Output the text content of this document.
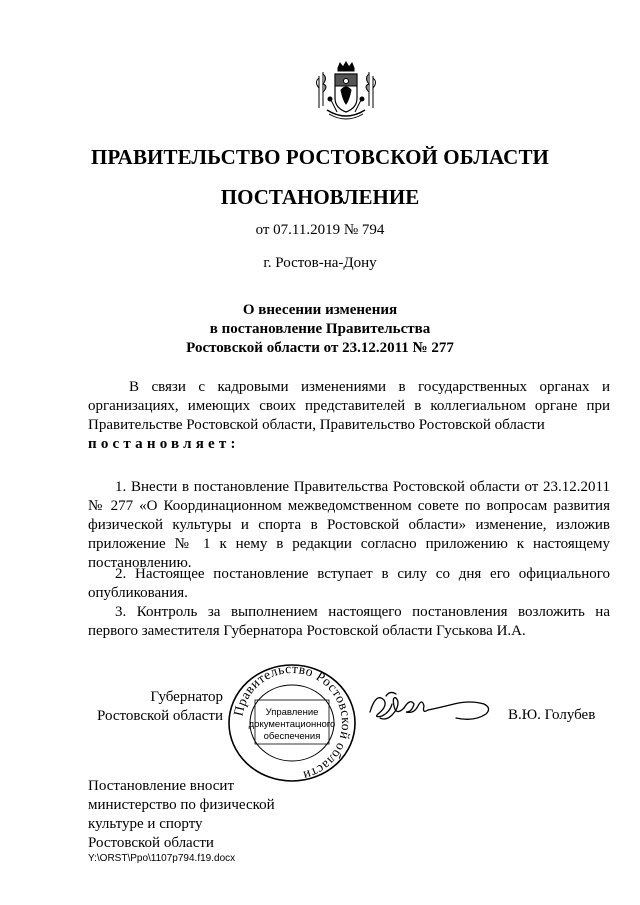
ПРАВИТЕЛЬСТВО РОСТОВСКОЙ ОБЛАСТИ
ПОСТАНОВЛЕНИЕ
от 07.11.2019 № 794
г. Ростов-на-Дону
О внесении изменения
в постановление Правительства
Ростовской области от 23.12.2011 № 277
В связи с кадровыми изменениями в государственных органах и организациях, имеющих своих представителей в коллегиальном органе при Правительстве Ростовской области, Правительство Ростовской области
постановляет:
1. Внести в постановление Правительства Ростовской области от 23.12.2011 № 277 «О Координационном межведомственном совете по вопросам развития физической культуры и спорта в Ростовской области» изменение, изложив приложение № 1 к нему в редакции согласно приложению к настоящему постановлению.
2. Настоящее постановление вступает в силу со дня его официального опубликования.
3. Контроль за выполнением настоящего постановления возложить на первого заместителя Губернатора Ростовской области Гуськова И.А.
Губернатор
Ростовской области Правительство Ростовской области
Управление
документационного
обеспечения
В.Ю. Голубев
Постановление вносит
министерство по физической
культуре и спорту
Ростовской области
Y:\ORST\Ppo\1107p794.f19.docx
